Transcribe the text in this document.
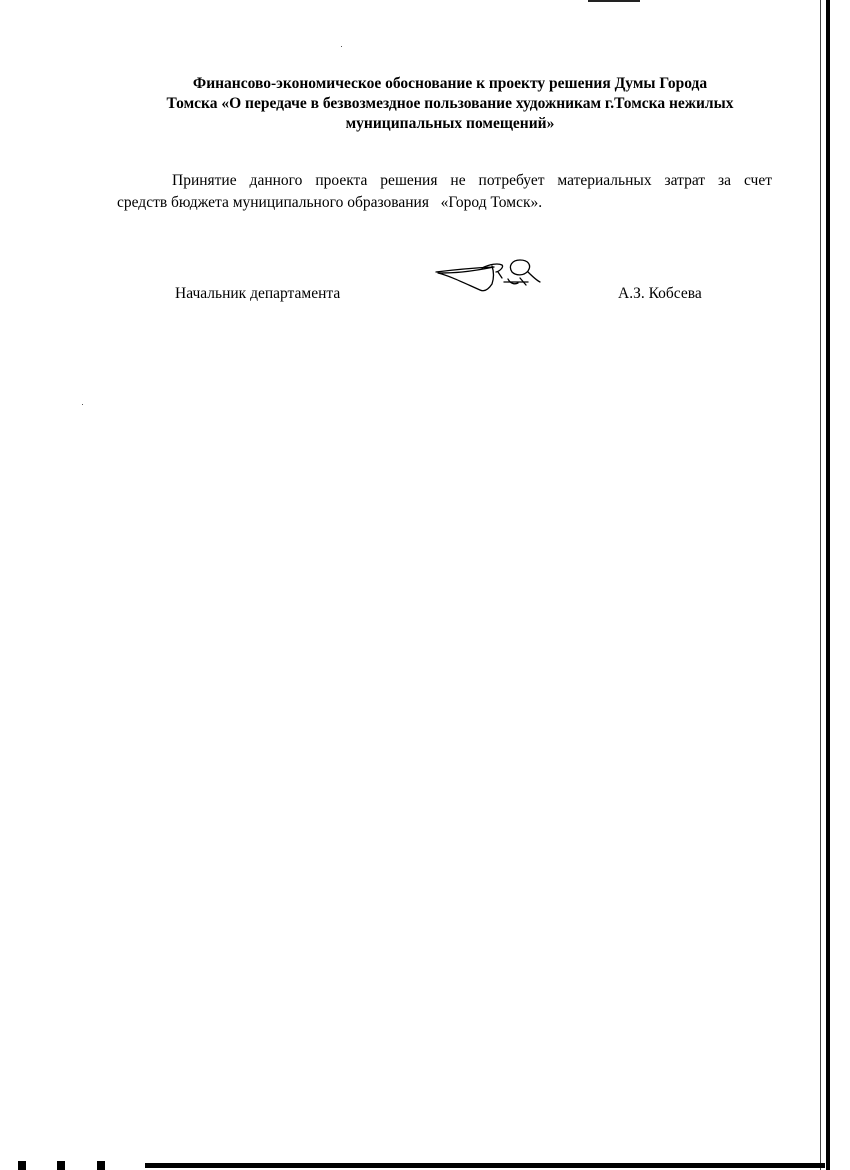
Финансово-экономическое обоснование к проекту решения Думы Города
Томска «О передаче в безвозмездное пользование художникам г.Томска нежилых
муниципальных помещений»

Принятие данного проекта решения не потребует материальных затрат за счет
средств бюджета муниципального образования   «Город Томск».

Начальник департамента	А.З. Кобсева
